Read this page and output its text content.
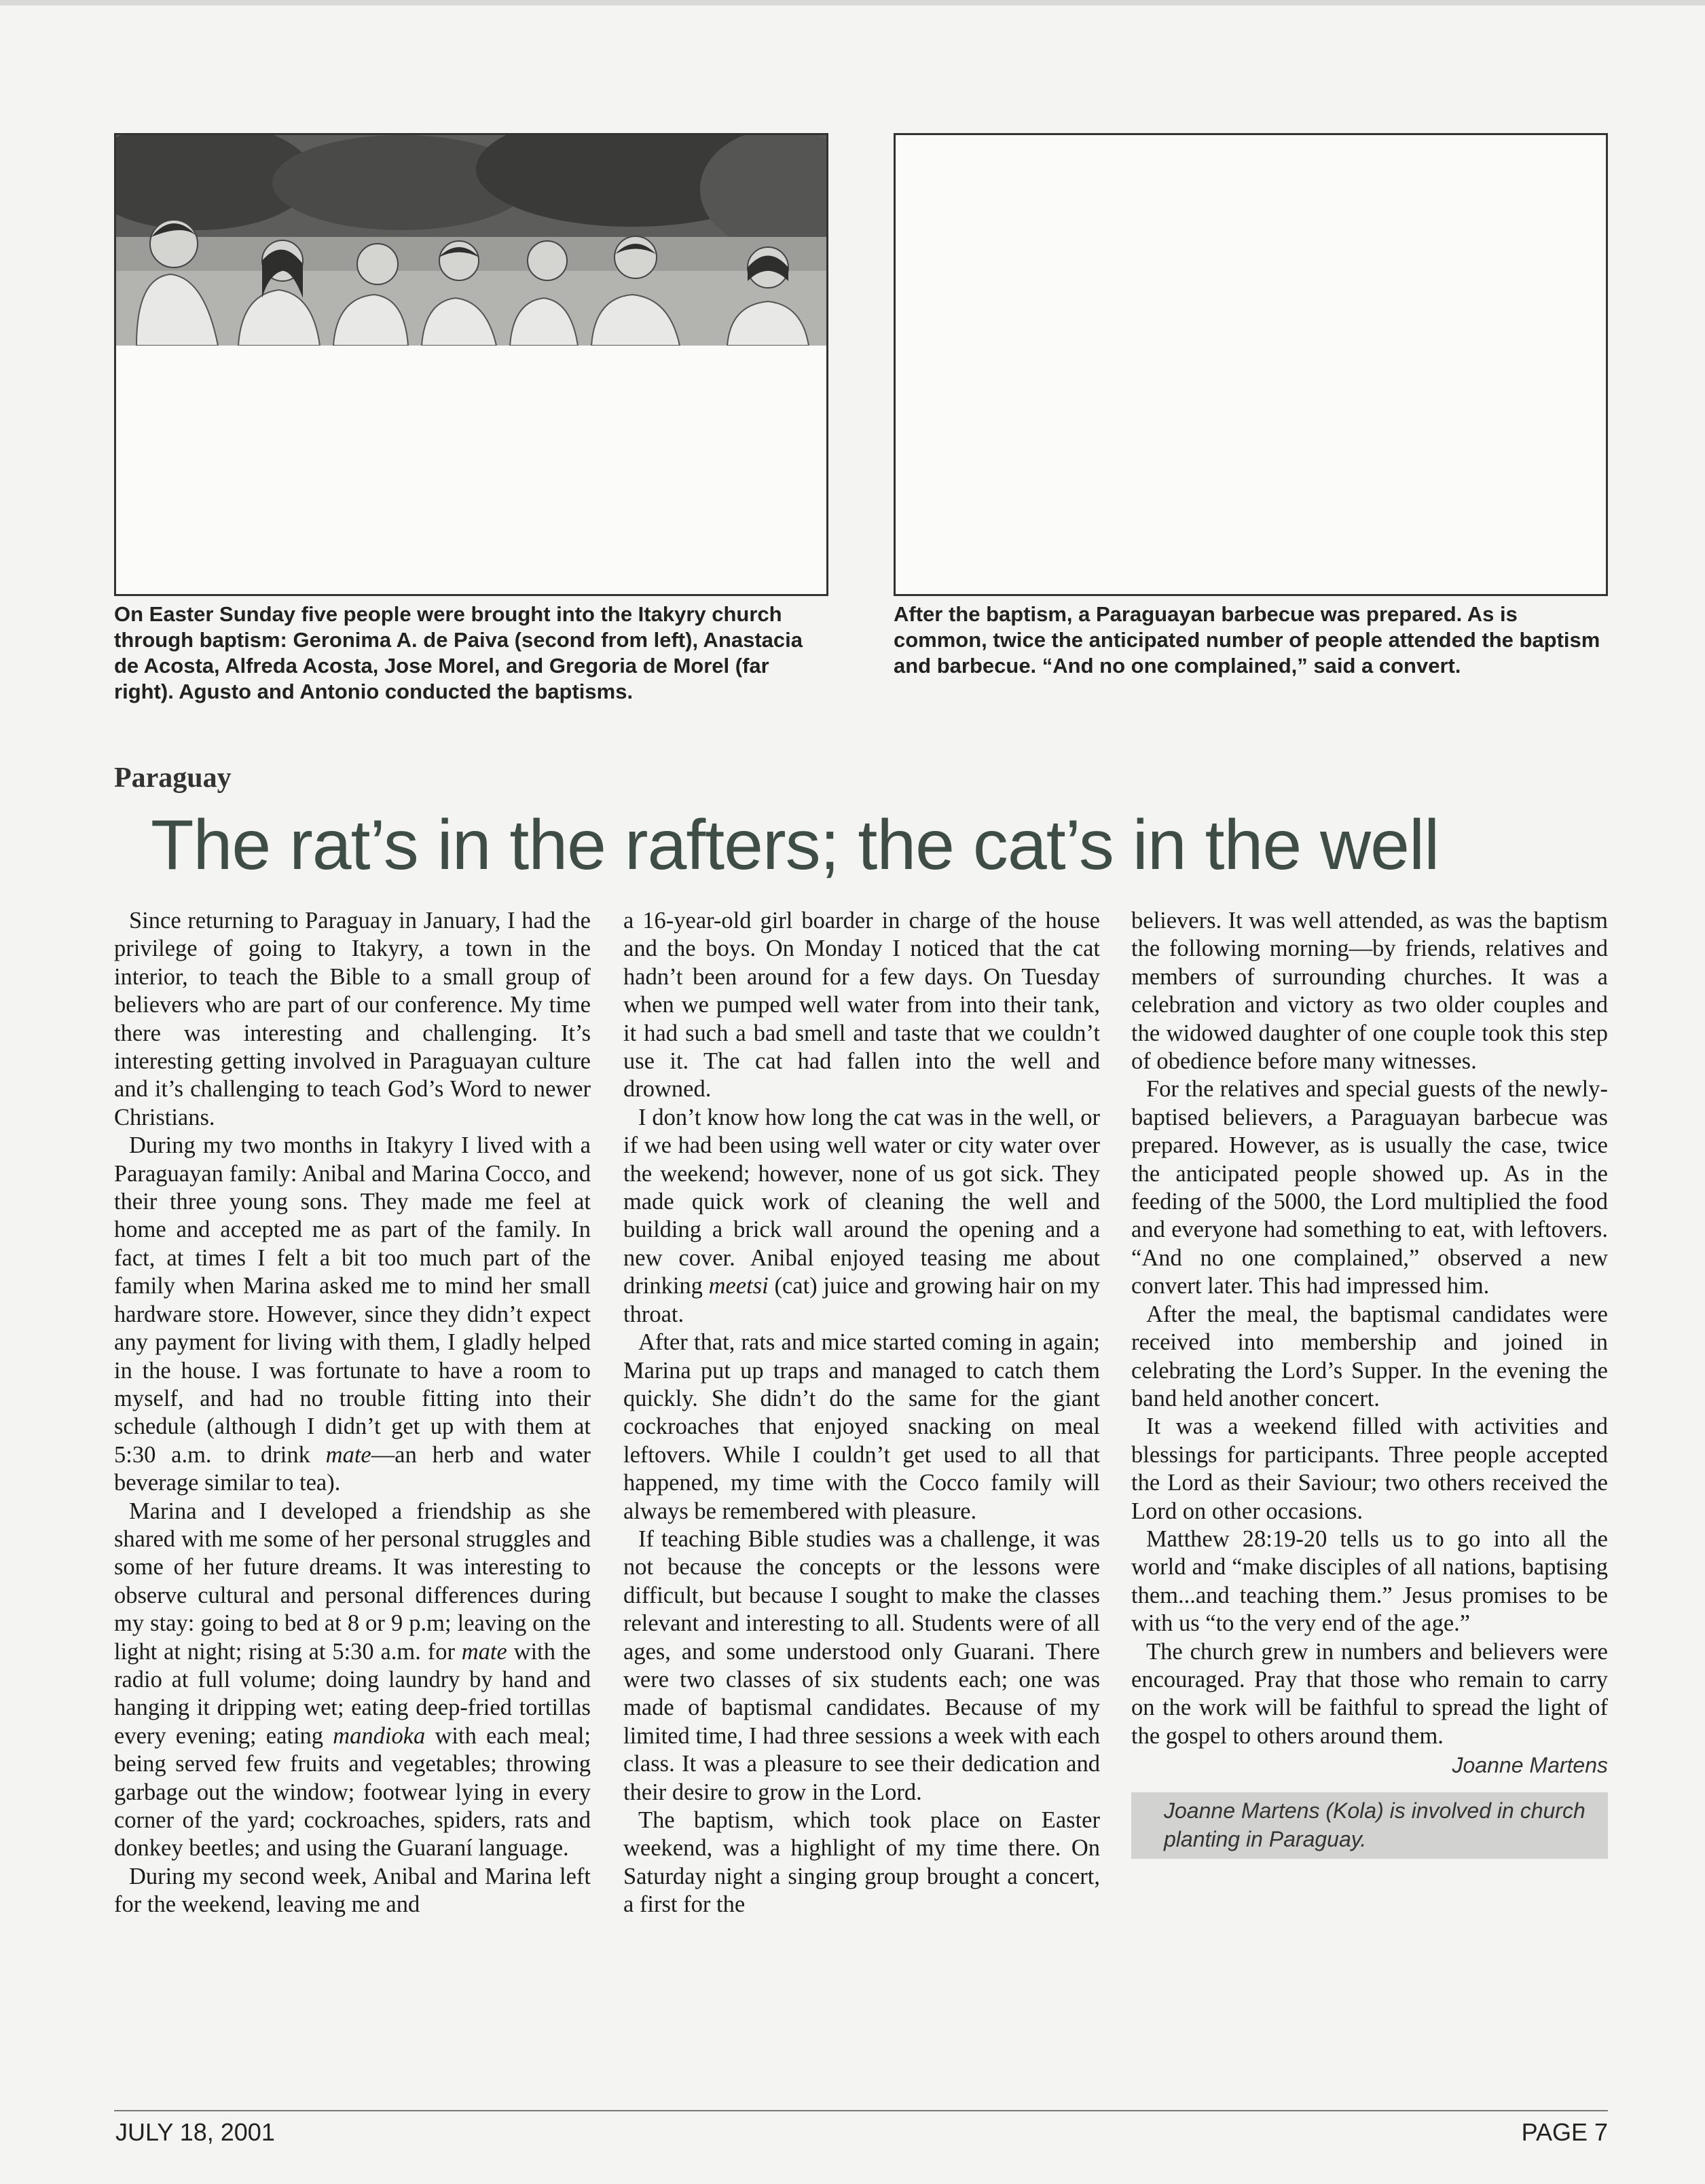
On Easter Sunday five people were brought into the Itakyry church through baptism: Geronima A. de Paiva (second from left), Anastacia de Acosta, Alfreda Acosta, Jose Morel, and Gregoria de Morel (far right). Agusto and Antonio conducted the baptisms.

After the baptism, a Paraguayan barbecue was prepared. As is common, twice the anticipated number of people attended the baptism and barbecue. “And no one complained,” said a convert.

Paraguay

The rat’s in the rafters; the cat’s in the well

Since returning to Paraguay in January, I had the privilege of going to Itakyry, a town in the interior, to teach the Bible to a small group of believers who are part of our conference. My time there was interesting and challenging. It’s interesting getting involved in Paraguayan culture and it’s challenging to teach God’s Word to newer Christians.

During my two months in Itakyry I lived with a Paraguayan family: Anibal and Marina Cocco, and their three young sons. They made me feel at home and accepted me as part of the family. In fact, at times I felt a bit too much part of the family when Marina asked me to mind her small hardware store. However, since they didn’t expect any payment for living with them, I gladly helped in the house. I was fortunate to have a room to myself, and had no trouble fitting into their schedule (although I didn’t get up with them at 5:30 a.m. to drink mate—an herb and water beverage similar to tea).

Marina and I developed a friendship as she shared with me some of her personal struggles and some of her future dreams. It was interesting to observe cultural and personal differences during my stay: going to bed at 8 or 9 p.m; leaving on the light at night; rising at 5:30 a.m. for mate with the radio at full volume; doing laundry by hand and hanging it dripping wet; eating deep-fried tortillas every evening; eating mandioka with each meal; being served few fruits and vegetables; throwing garbage out the window; footwear lying in every corner of the yard; cockroaches, spiders, rats and donkey beetles; and using the Guaraní language.

During my second week, Anibal and Marina left for the weekend, leaving me and

a 16-year-old girl boarder in charge of the house and the boys. On Monday I noticed that the cat hadn’t been around for a few days. On Tuesday when we pumped well water from into their tank, it had such a bad smell and taste that we couldn’t use it. The cat had fallen into the well and drowned.

I don’t know how long the cat was in the well, or if we had been using well water or city water over the weekend; however, none of us got sick. They made quick work of cleaning the well and building a brick wall around the opening and a new cover. Anibal enjoyed teasing me about drinking meetsi (cat) juice and growing hair on my throat.

After that, rats and mice started coming in again; Marina put up traps and managed to catch them quickly. She didn’t do the same for the giant cockroaches that enjoyed snacking on meal leftovers. While I couldn’t get used to all that happened, my time with the Cocco family will always be remembered with pleasure.

If teaching Bible studies was a challenge, it was not because the concepts or the lessons were difficult, but because I sought to make the classes relevant and interesting to all. Students were of all ages, and some understood only Guarani. There were two classes of six students each; one was made of baptismal candidates. Because of my limited time, I had three sessions a week with each class. It was a pleasure to see their dedication and their desire to grow in the Lord.

The baptism, which took place on Easter weekend, was a highlight of my time there. On Saturday night a singing group brought a concert, a first for the

believers. It was well attended, as was the baptism the following morning—by friends, relatives and members of surrounding churches. It was a celebration and victory as two older couples and the widowed daughter of one couple took this step of obedience before many witnesses.

For the relatives and special guests of the newly-baptised believers, a Paraguayan barbecue was prepared. However, as is usually the case, twice the anticipated people showed up. As in the feeding of the 5000, the Lord multiplied the food and everyone had something to eat, with leftovers. “And no one complained,” observed a new convert later. This had impressed him.

After the meal, the baptismal candidates were received into membership and joined in celebrating the Lord’s Supper. In the evening the band held another concert.

It was a weekend filled with activities and blessings for participants. Three people accepted the Lord as their Saviour; two others received the Lord on other occasions.

Matthew 28:19-20 tells us to go into all the world and “make disciples of all nations, baptising them...and teaching them.” Jesus promises to be with us “to the very end of the age.”

The church grew in numbers and believers were encouraged. Pray that those who remain to carry on the work will be faithful to spread the light of the gospel to others around them.

Joanne Martens

Joanne Martens (Kola) is involved in church planting in Paraguay.

JULY 18, 2001	PAGE 7
